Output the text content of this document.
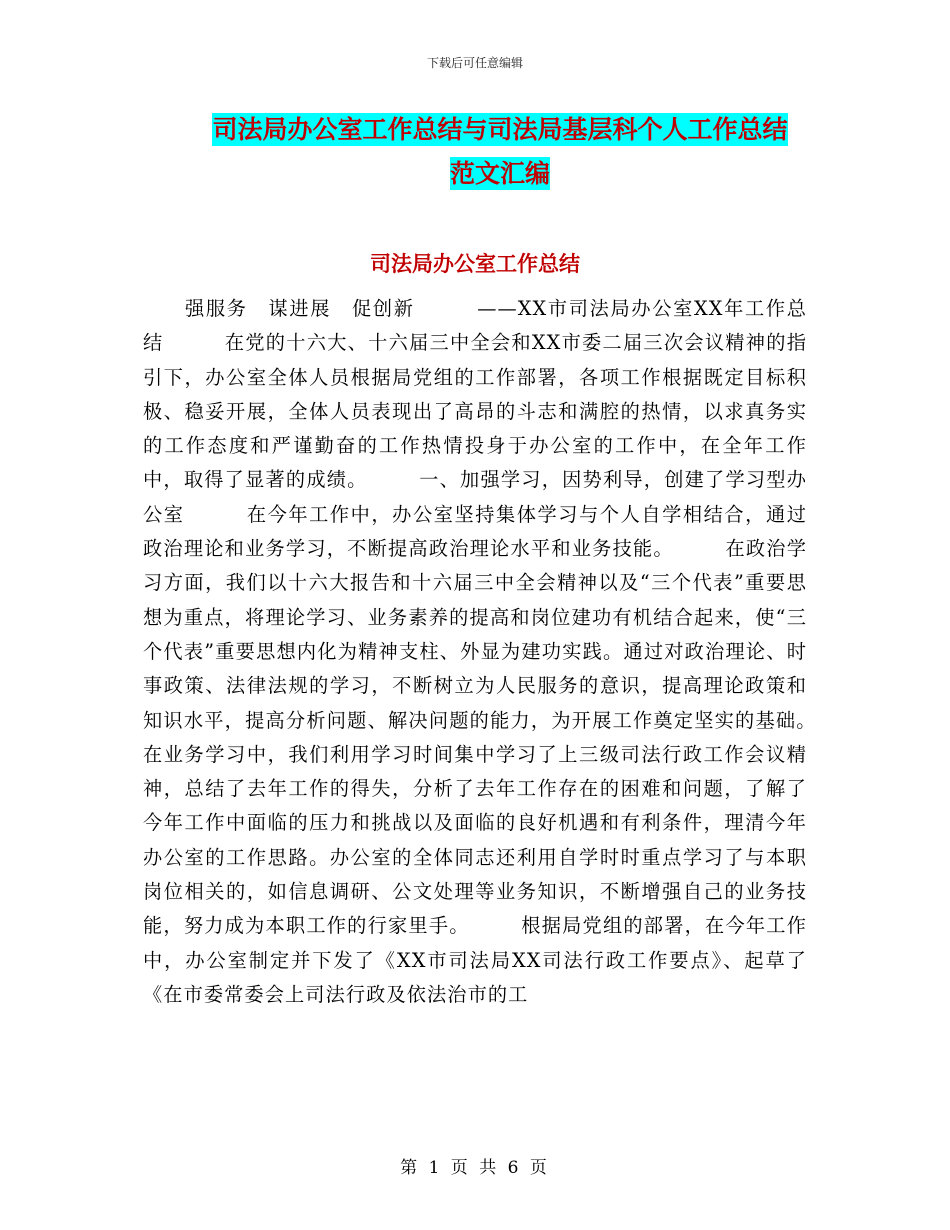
下载后可任意编辑
司法局办公室工作总结与司法局基层科个人工作总结
范文汇编
司法局办公室工作总结

强服务　谋进展　促创新　　　——XX市司法局办公室XX年工作总结　　　在党的十六大、十六届三中全会和XX市委二届三次会议精神的指引下，办公室全体人员根据局党组的工作部署，各项工作根据既定目标积极、稳妥开展，全体人员表现出了高昂的斗志和满腔的热情，以求真务实的工作态度和严谨勤奋的工作热情投身于办公室的工作中，在全年工作中，取得了显著的成绩。　　　一、加强学习，因势利导，创建了学习型办公室　　　在今年工作中，办公室坚持集体学习与个人自学相结合，通过政治理论和业务学习，不断提高政治理论水平和业务技能。　　　在政治学习方面，我们以十六大报告和十六届三中全会精神以及“三个代表”重要思想为重点，将理论学习、业务素养的提高和岗位建功有机结合起来，使“三个代表”重要思想内化为精神支柱、外显为建功实践。通过对政治理论、时事政策、法律法规的学习，不断树立为人民服务的意识，提高理论政策和知识水平，提高分析问题、解决问题的能力，为开展工作奠定坚实的基础。　　　在业务学习中，我们利用学习时间集中学习了上三级司法行政工作会议精神，总结了去年工作的得失，分析了去年工作存在的困难和问题，了解了今年工作中面临的压力和挑战以及面临的良好机遇和有利条件，理清今年办公室的工作思路。办公室的全体同志还利用自学时时重点学习了与本职岗位相关的，如信息调研、公文处理等业务知识，不断增强自己的业务技能，努力成为本职工作的行家里手。　　　根据局党组的部署，在今年工作中，办公室制定并下发了《XX市司法局XX司法行政工作要点》、起草了《在市委常委会上司法行政及依法治市的工

第 1 页 共 6 页
